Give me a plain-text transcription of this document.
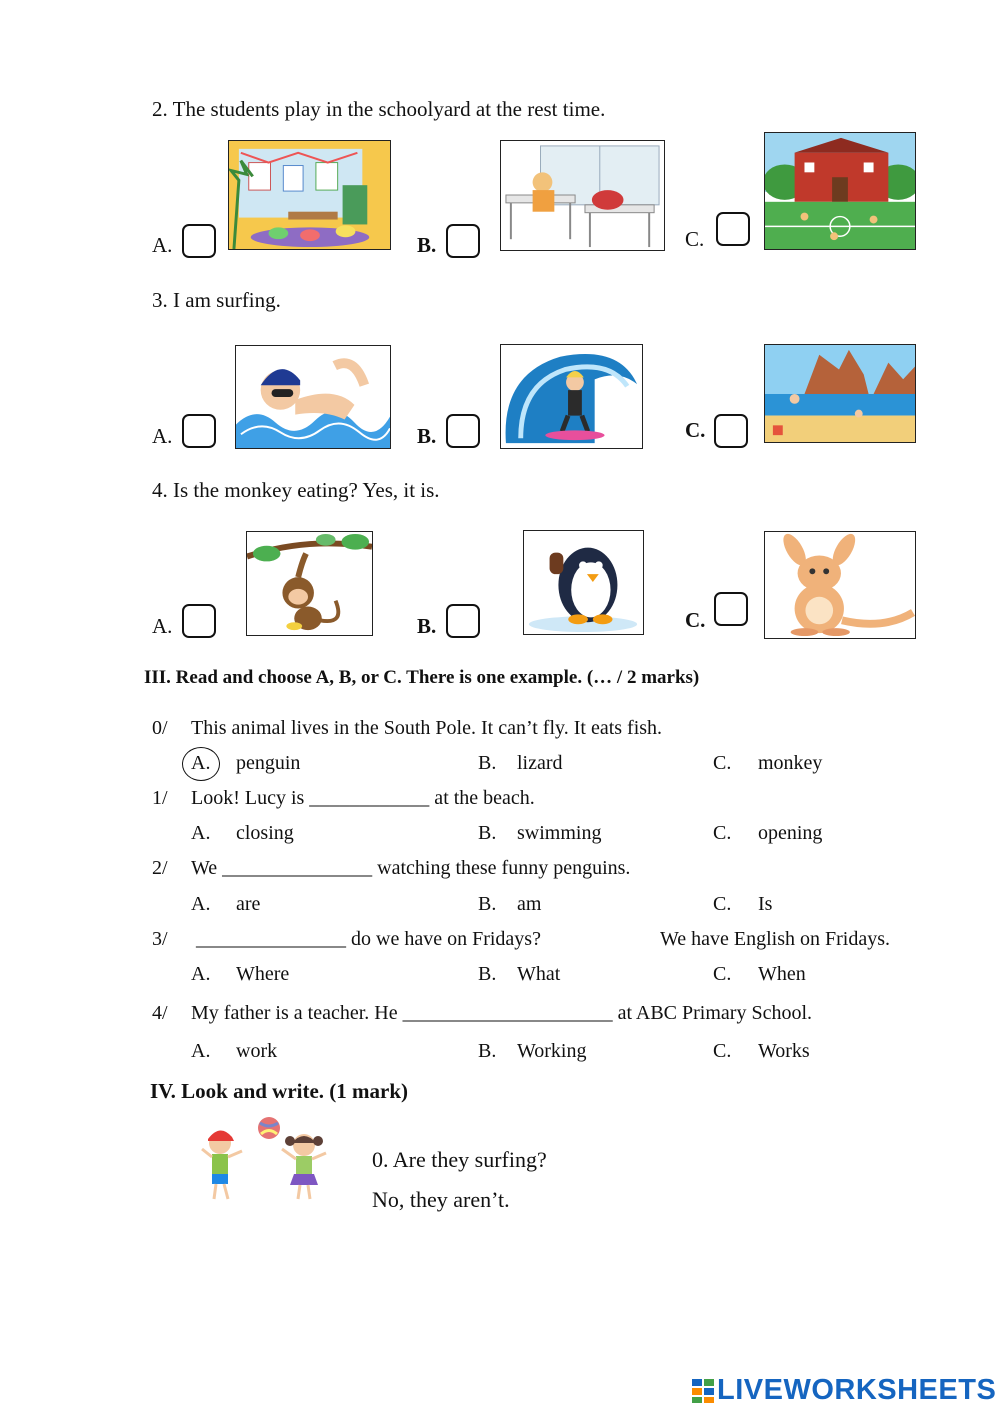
2. The students play in the schoolyard at the rest time.
A.	B.	C.
3. I am surfing.
A.	B.	C.
4. Is the monkey eating? Yes, it is.
A.	B.	C.
III. Read and choose A, B, or C. There is one example. (… / 2 marks)
0/ This animal lives in the South Pole. It can’t fly. It eats fish.
A. penguin	B. lizard	C. monkey
1/ Look! Lucy is ____________ at the beach.
A. closing	B. swimming	C. opening
2/ We _______________ watching these funny penguins.
A. are	B. am	C. Is
3/ _______________ do we have on Fridays?	We have English on Fridays.
A. Where	B. What	C. When
4/ My father is a teacher. He _____________________ at ABC Primary School.
A. work	B. Working	C. Works
IV. Look and write. (1 mark)
0. Are they surfing?
No, they aren’t.
LIVEWORKSHEETS
